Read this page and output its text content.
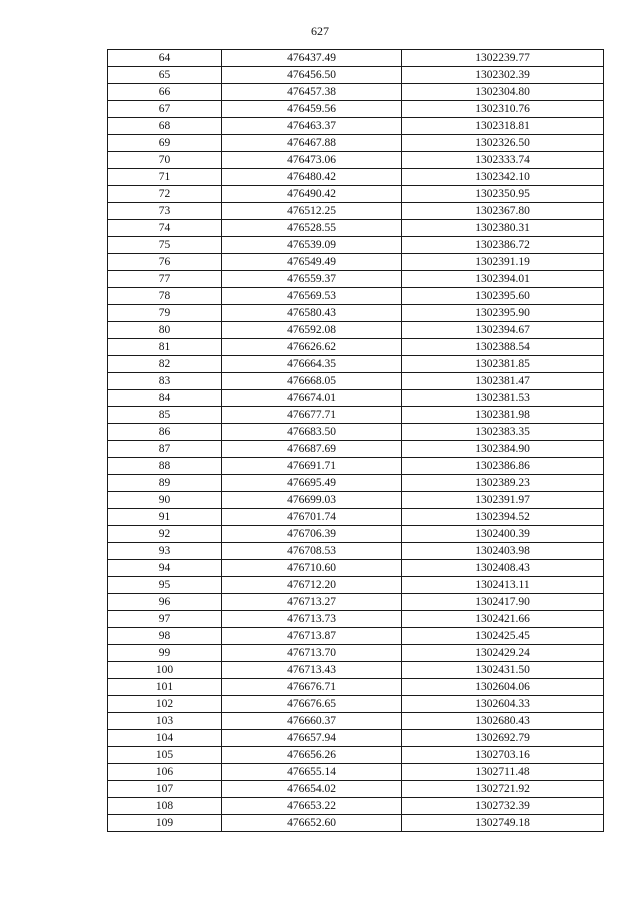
627
64	476437.49	1302239.77
65	476456.50	1302302.39
66	476457.38	1302304.80
67	476459.56	1302310.76
68	476463.37	1302318.81
69	476467.88	1302326.50
70	476473.06	1302333.74
71	476480.42	1302342.10
72	476490.42	1302350.95
73	476512.25	1302367.80
74	476528.55	1302380.31
75	476539.09	1302386.72
76	476549.49	1302391.19
77	476559.37	1302394.01
78	476569.53	1302395.60
79	476580.43	1302395.90
80	476592.08	1302394.67
81	476626.62	1302388.54
82	476664.35	1302381.85
83	476668.05	1302381.47
84	476674.01	1302381.53
85	476677.71	1302381.98
86	476683.50	1302383.35
87	476687.69	1302384.90
88	476691.71	1302386.86
89	476695.49	1302389.23
90	476699.03	1302391.97
91	476701.74	1302394.52
92	476706.39	1302400.39
93	476708.53	1302403.98
94	476710.60	1302408.43
95	476712.20	1302413.11
96	476713.27	1302417.90
97	476713.73	1302421.66
98	476713.87	1302425.45
99	476713.70	1302429.24
100	476713.43	1302431.50
101	476676.71	1302604.06
102	476676.65	1302604.33
103	476660.37	1302680.43
104	476657.94	1302692.79
105	476656.26	1302703.16
106	476655.14	1302711.48
107	476654.02	1302721.92
108	476653.22	1302732.39
109	476652.60	1302749.18
